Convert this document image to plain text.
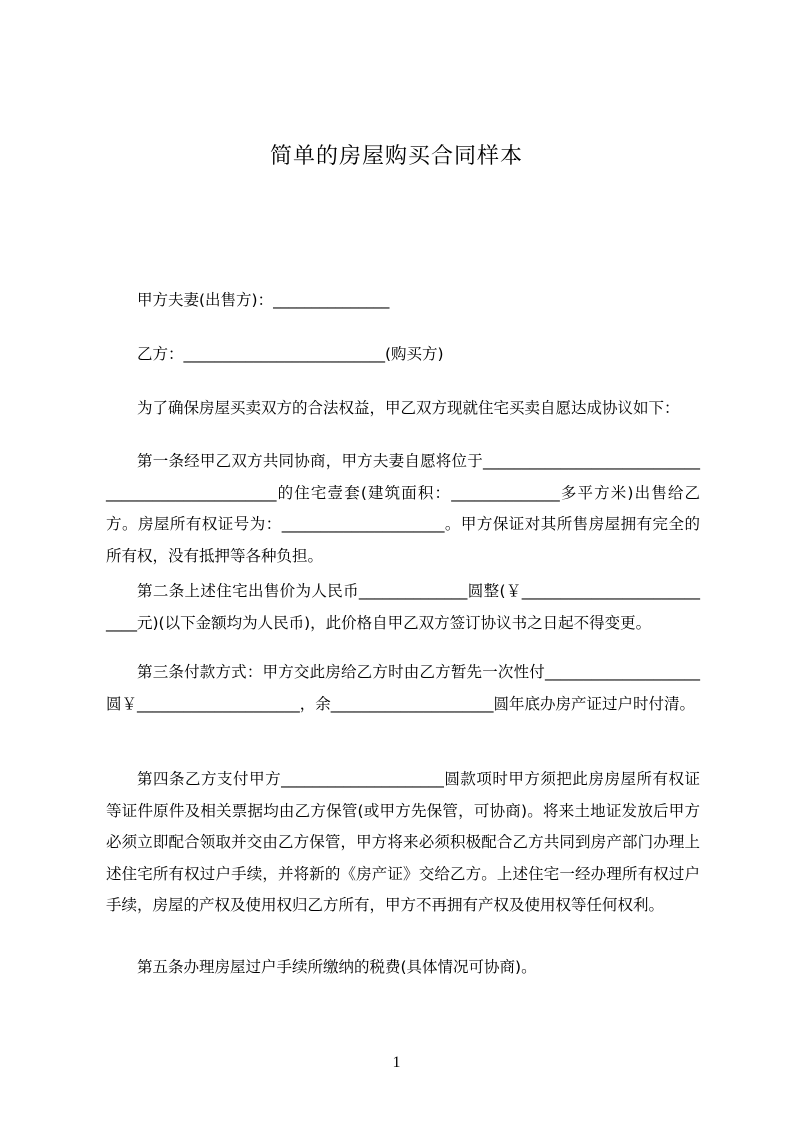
简单的房屋购买合同样本
甲方夫妻(出售方)：_______________
乙方：__________________________(购买方)
为了确保房屋买卖双方的合法权益，甲乙双方现就住宅买卖自愿达成协议如下：
第一条经甲乙双方共同协商，甲方夫妻自愿将位于__________________________________________________的住宅壹套(建筑面积：______________多平方米)出售给乙方。房屋所有权证号为：_____________________。甲方保证对其所售房屋拥有完全的所有权，没有抵押等各种负担。
第二条上述住宅出售价为人民币______________圆整(￥___________________________元)(以下金额均为人民币)，此价格自甲乙双方签订协议书之日起不得变更。
第三条付款方式：甲方交此房给乙方时由乙方暂先一次性付____________________圆￥_____________________，余_____________________圆年底办房产证过户时付清。
第四条乙方支付甲方_____________________圆款项时甲方须把此房房屋所有权证等证件原件及相关票据均由乙方保管(或甲方先保管，可协商)。将来土地证发放后甲方必须立即配合领取并交由乙方保管，甲方将来必须积极配合乙方共同到房产部门办理上述住宅所有权过户手续，并将新的《房产证》交给乙方。上述住宅一经办理所有权过户手续，房屋的产权及使用权归乙方所有，甲方不再拥有产权及使用权等任何权利。
第五条办理房屋过户手续所缴纳的税费(具体情况可协商)。
1
